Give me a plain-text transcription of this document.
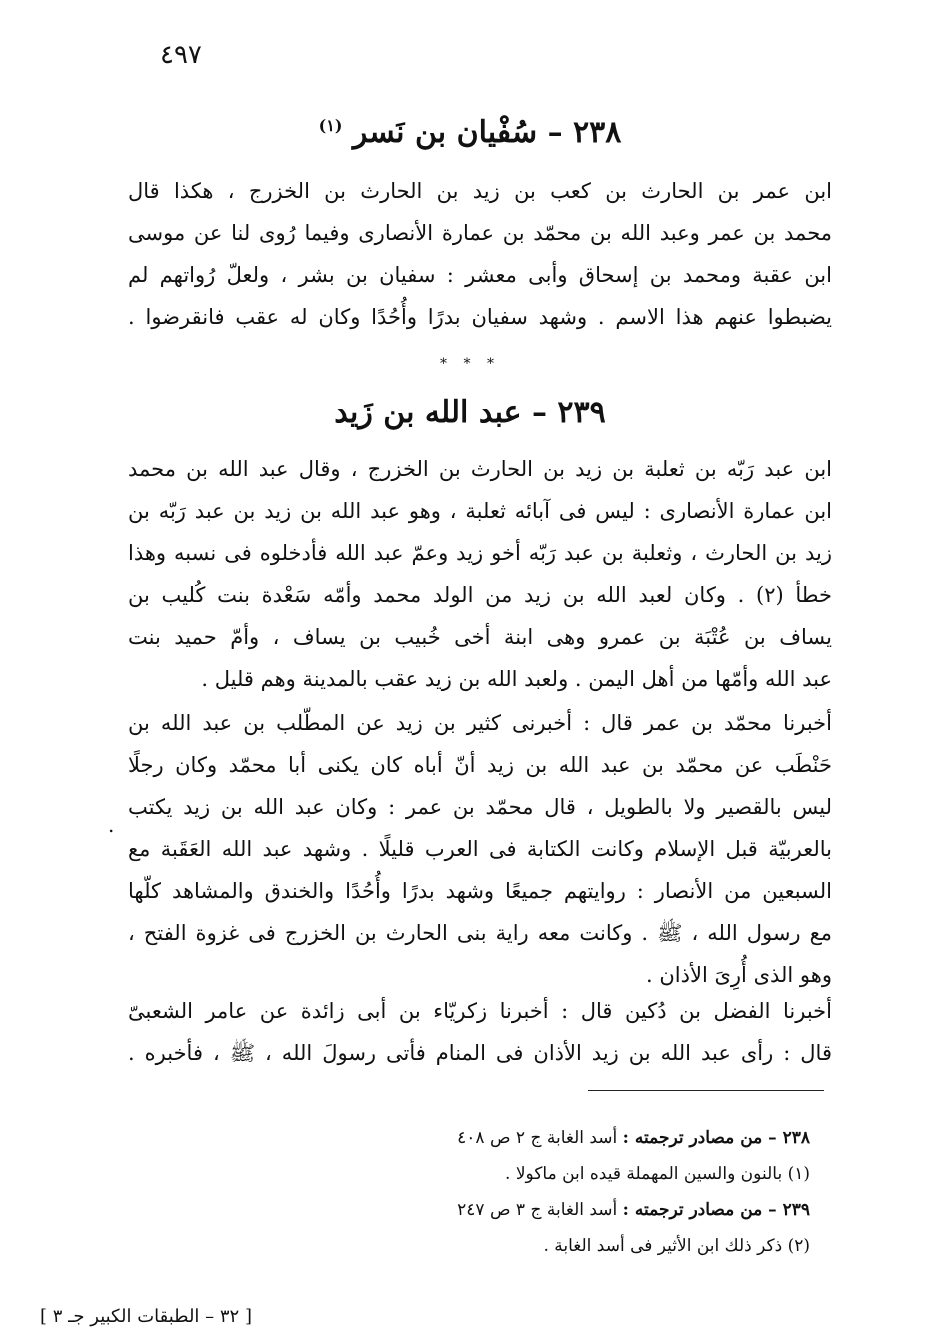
٤٩٧
٢٣٨ – سُفْيان بن نَسر $^{(١)}$
ابن عمر بن الحارث بن كعب بن زيد بن الحارث بن الخزرج ، هكذا قال
محمد بن عمر وعبد الله بن محمّد بن عمارة الأنصارى وفيما رُوى لنا عن موسى
ابن عقبة ومحمد بن إسحاق وأبى معشر : سفيان بن بشر ، ولعلّ رُواتهم لم
يضبطوا عنهم هذا الاسم . وشهد سفيان بدرًا وأُحُدًا وكان له عقب فانقرضوا .
* * *
٢٣٩ – عبد الله بن زَيد
ابن عبد رَبّه بن ثعلبة بن زيد بن الحارث بن الخزرج ، وقال عبد الله بن محمد
ابن عمارة الأنصارى : ليس فى آبائه ثعلبة ، وهو عبد الله بن زيد بن عبد رَبّه بن
زيد بن الحارث ، وثعلبة بن عبد رَبّه أخو زيد وعمّ عبد الله فأدخلوه فى نسبه وهذا
خطأ (٢) . وكان لعبد الله بن زيد من الولد محمد وأمّه سَعْدة بنت كُليب بن
يساف بن عُتْبَة بن عمرو وهى ابنة أخى خُبيب بن يساف ، وأمّ حميد بنت
عبد الله وأمّها من أهل اليمن . ولعبد الله بن زيد عقب بالمدينة وهم قليل .
أخبرنا محمّد بن عمر قال : أخبرنى كثير بن زيد عن المطّلب بن عبد الله بن
حَنْطَب عن محمّد بن عبد الله بن زيد أنّ أباه كان يكنى أبا محمّد وكان رجلًا
ليس بالقصير ولا بالطويل ، قال محمّد بن عمر : وكان عبد الله بن زيد يكتب
بالعربيّة قبل الإسلام وكانت الكتابة فى العرب قليلًا . وشهد عبد الله العَقَبة مع
السبعين من الأنصار : روايتهم جميعًا وشهد بدرًا وأُحُدًا والخندق والمشاهد كلّها
مع رسول الله ، ﷺ . وكانت معه راية بنى الحارث بن الخزرج فى غزوة الفتح ،
وهو الذى أُرِىَ الأذان .
.
أخبرنا الفضل بن دُكين قال : أخبرنا زكريّاء بن أبى زائدة عن عامر الشعبىّ
قال : رأى عبد الله بن زيد الأذان فى المنام فأتى رسولَ الله ، ﷺ ، فأخبره .
٢٣٨ – من مصادر ترجمته : أسد الغابة ج ٢ ص ٤٠٨
(١) بالنون والسين المهملة قيده ابن ماكولا .
٢٣٩ – من مصادر ترجمته : أسد الغابة ج ٣ ص ٢٤٧
(٢) ذكر ذلك ابن الأثير فى أسد الغابة .
[ ٣٢ – الطبقات الكبير جـ ٣ ]
